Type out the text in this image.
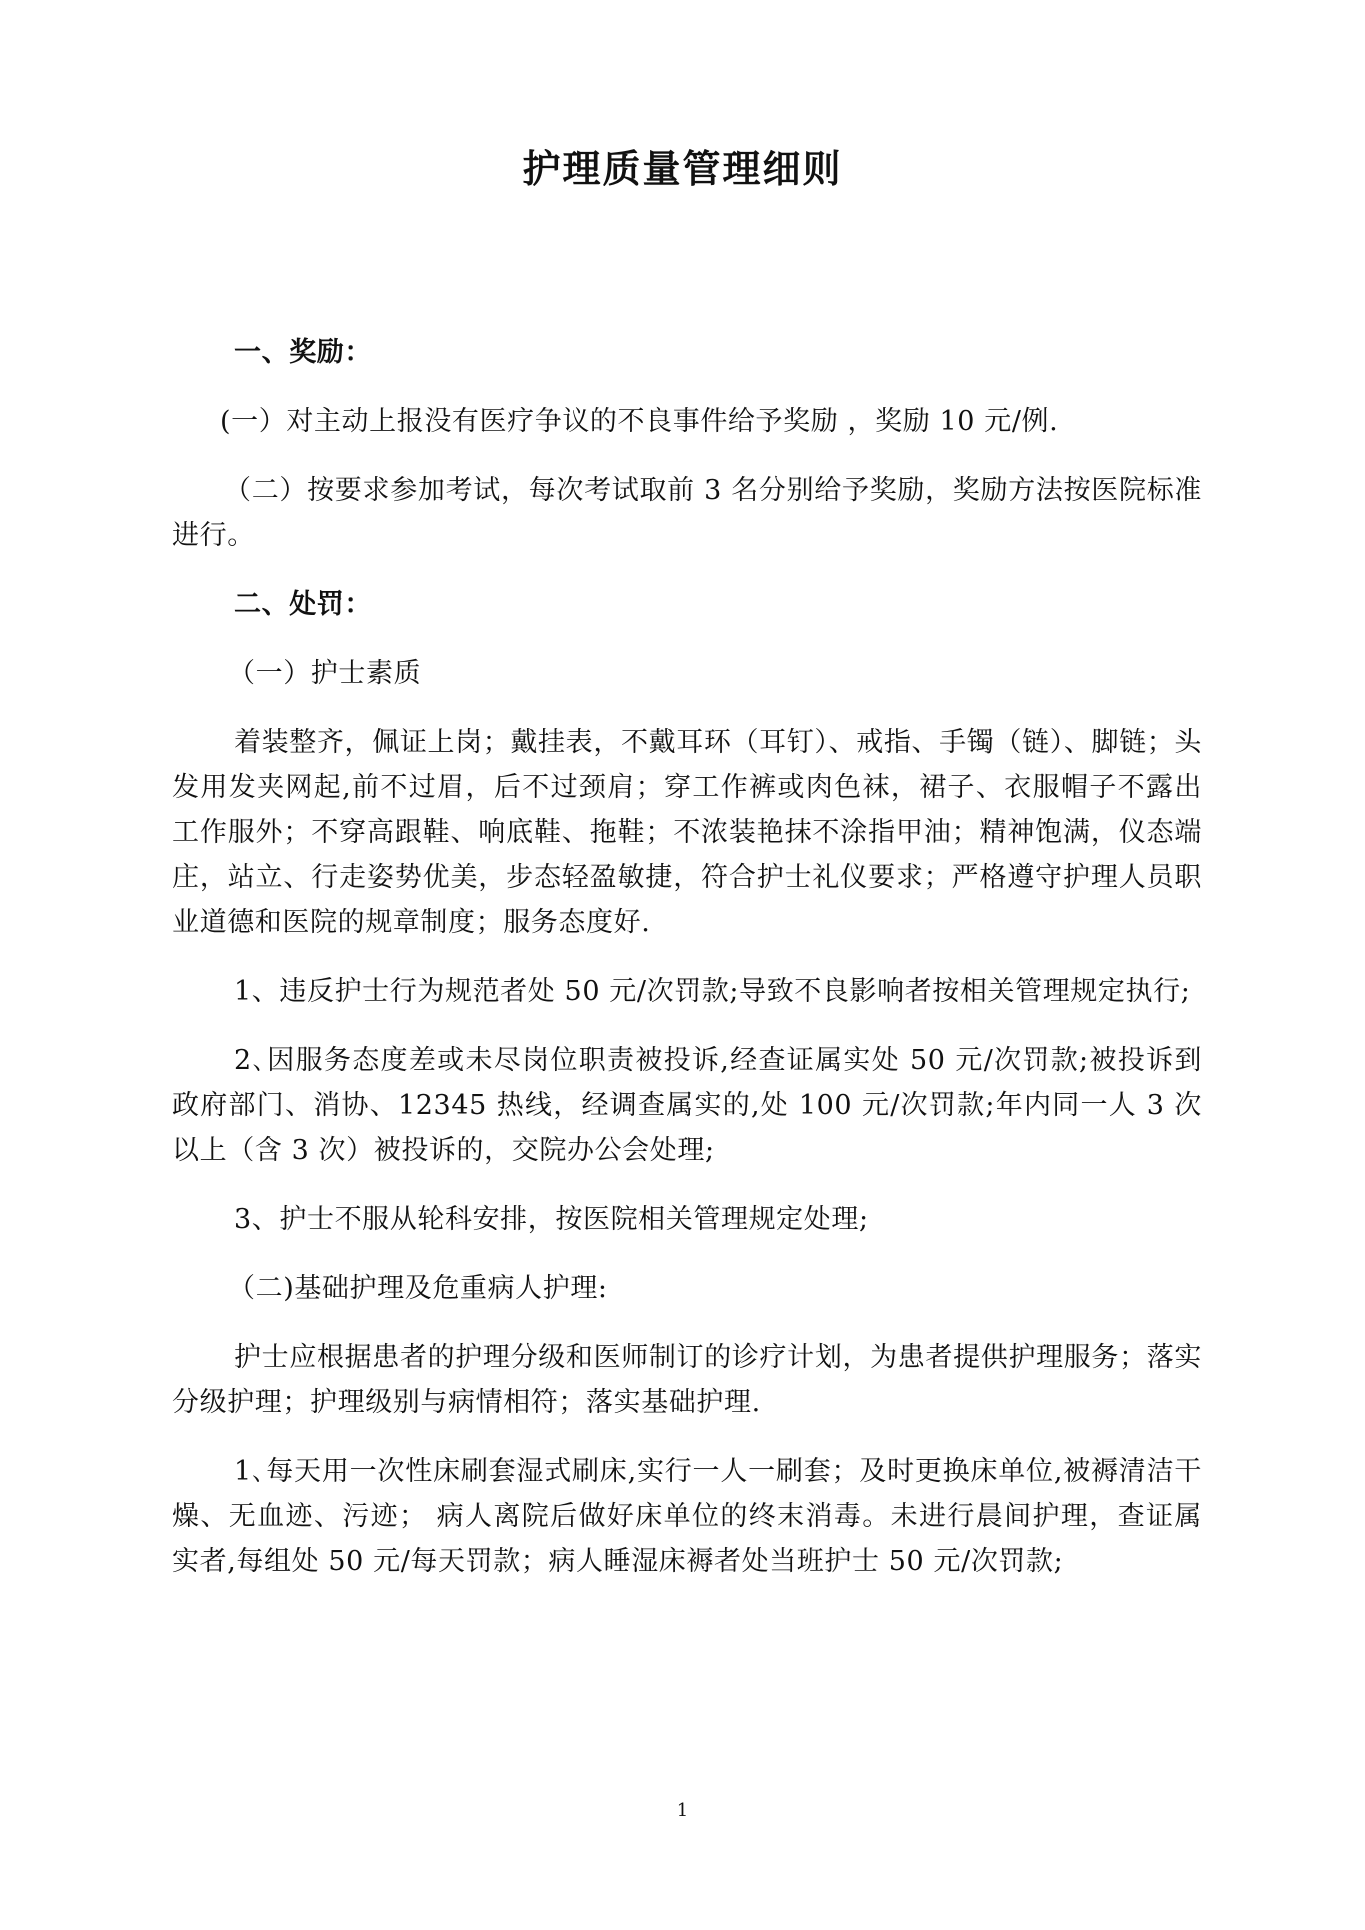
护理质量管理细则

一、奖励：

(一）对主动上报没有医疗争议的不良事件给予奖励 ，奖励 10 元/例.

（二）按要求参加考试，每次考试取前 3 名分别给予奖励，奖励方法按医院标准进行。

二、处罚：

（一）护士素质

着装整齐，佩证上岗；戴挂表，不戴耳环（耳钉）、戒指、手镯（链）、脚链；头发用发夹网起,前不过眉，后不过颈肩；穿工作裤或肉色袜，裙子、衣服帽子不露出工作服外；不穿高跟鞋、响底鞋、拖鞋；不浓装艳抹不涂指甲油；精神饱满，仪态端庄，站立、行走姿势优美，步态轻盈敏捷，符合护士礼仪要求；严格遵守护理人员职业道德和医院的规章制度；服务态度好.

1、违反护士行为规范者处 50 元/次罚款;导致不良影响者按相关管理规定执行;

2､因服务态度差或未尽岗位职责被投诉,经查证属实处 50 元/次罚款;被投诉到政府部门、消协、12345 热线，经调查属实的,处 100 元/次罚款;年内同一人 3 次以上（含 3 次）被投诉的，交院办公会处理;

3、护士不服从轮科安排，按医院相关管理规定处理;

（二)基础护理及危重病人护理:

护士应根据患者的护理分级和医师制订的诊疗计划，为患者提供护理服务；落实分级护理；护理级别与病情相符；落实基础护理.

1､每天用一次性床刷套湿式刷床,实行一人一刷套；及时更换床单位,被褥清洁干燥、无血迹、污迹； 病人离院后做好床单位的终末消毒。未进行晨间护理，查证属实者,每组处 50 元/每天罚款；病人睡湿床褥者处当班护士 50 元/次罚款;

1
